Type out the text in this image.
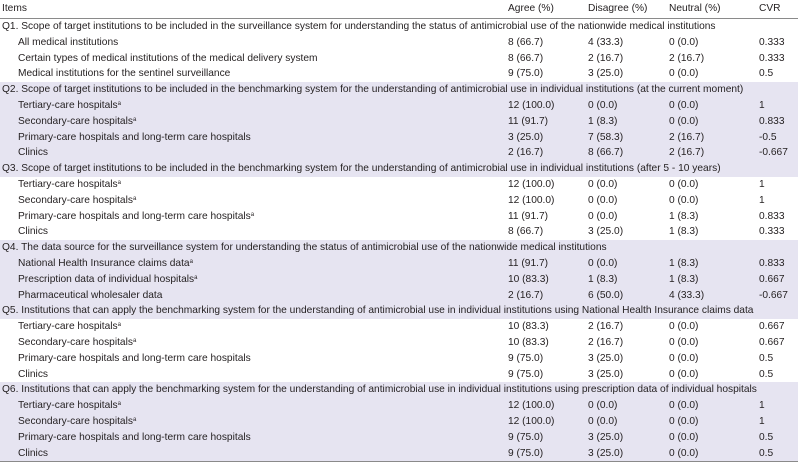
Items	Agree (%)	Disagree (%)	Neutral (%)	CVR
Q1. Scope of target institutions to be included in the surveillance system for understanding the status of antimicrobial use of the nationwide medical institutions				
All medical institutions	8 (66.7)	4 (33.3)	0 (0.0)	0.333
Certain types of medical institutions of the medical delivery system	8 (66.7)	2 (16.7)	2 (16.7)	0.333
Medical institutions for the sentinel surveillance	9 (75.0)	3 (25.0)	0 (0.0)	0.5
Q2. Scope of target institutions to be included in the benchmarking system for the understanding of antimicrobial use in individual institutions (at the current moment)				
Tertiary-care hospitals$^a$	12 (100.0)	0 (0.0)	0 (0.0)	1
Secondary-care hospitals$^a$	11 (91.7)	1 (8.3)	0 (0.0)	0.833
Primary-care hospitals and long-term care hospitals	3 (25.0)	7 (58.3)	2 (16.7)	-0.5
Clinics	2 (16.7)	8 (66.7)	2 (16.7)	-0.667
Q3. Scope of target institutions to be included in the benchmarking system for the understanding of antimicrobial use in individual institutions (after 5 - 10 years)				
Tertiary-care hospitals$^a$	12 (100.0)	0 (0.0)	0 (0.0)	1
Secondary-care hospitals$^a$	12 (100.0)	0 (0.0)	0 (0.0)	1
Primary-care hospitals and long-term care hospitals$^a$	11 (91.7)	0 (0.0)	1 (8.3)	0.833
Clinics	8 (66.7)	3 (25.0)	1 (8.3)	0.333
Q4. The data source for the surveillance system for understanding the status of antimicrobial use of the nationwide medical institutions				
National Health Insurance claims data$^a$	11 (91.7)	0 (0.0)	1 (8.3)	0.833
Prescription data of individual hospitals$^a$	10 (83.3)	1 (8.3)	1 (8.3)	0.667
Pharmaceutical wholesaler data	2 (16.7)	6 (50.0)	4 (33.3)	-0.667
Q5. Institutions that can apply the benchmarking system for the understanding of antimicrobial use in individual institutions using National Health Insurance claims data				
Tertiary-care hospitals$^a$	10 (83.3)	2 (16.7)	0 (0.0)	0.667
Secondary-care hospitals$^a$	10 (83.3)	2 (16.7)	0 (0.0)	0.667
Primary-care hospitals and long-term care hospitals	9 (75.0)	3 (25.0)	0 (0.0)	0.5
Clinics	9 (75.0)	3 (25.0)	0 (0.0)	0.5
Q6. Institutions that can apply the benchmarking system for the understanding of antimicrobial use in individual institutions using prescription data of individual hospitals				
Tertiary-care hospitals$^a$	12 (100.0)	0 (0.0)	0 (0.0)	1
Secondary-care hospitals$^a$	12 (100.0)	0 (0.0)	0 (0.0)	1
Primary-care hospitals and long-term care hospitals	9 (75.0)	3 (25.0)	0 (0.0)	0.5
Clinics	9 (75.0)	3 (25.0)	0 (0.0)	0.5
